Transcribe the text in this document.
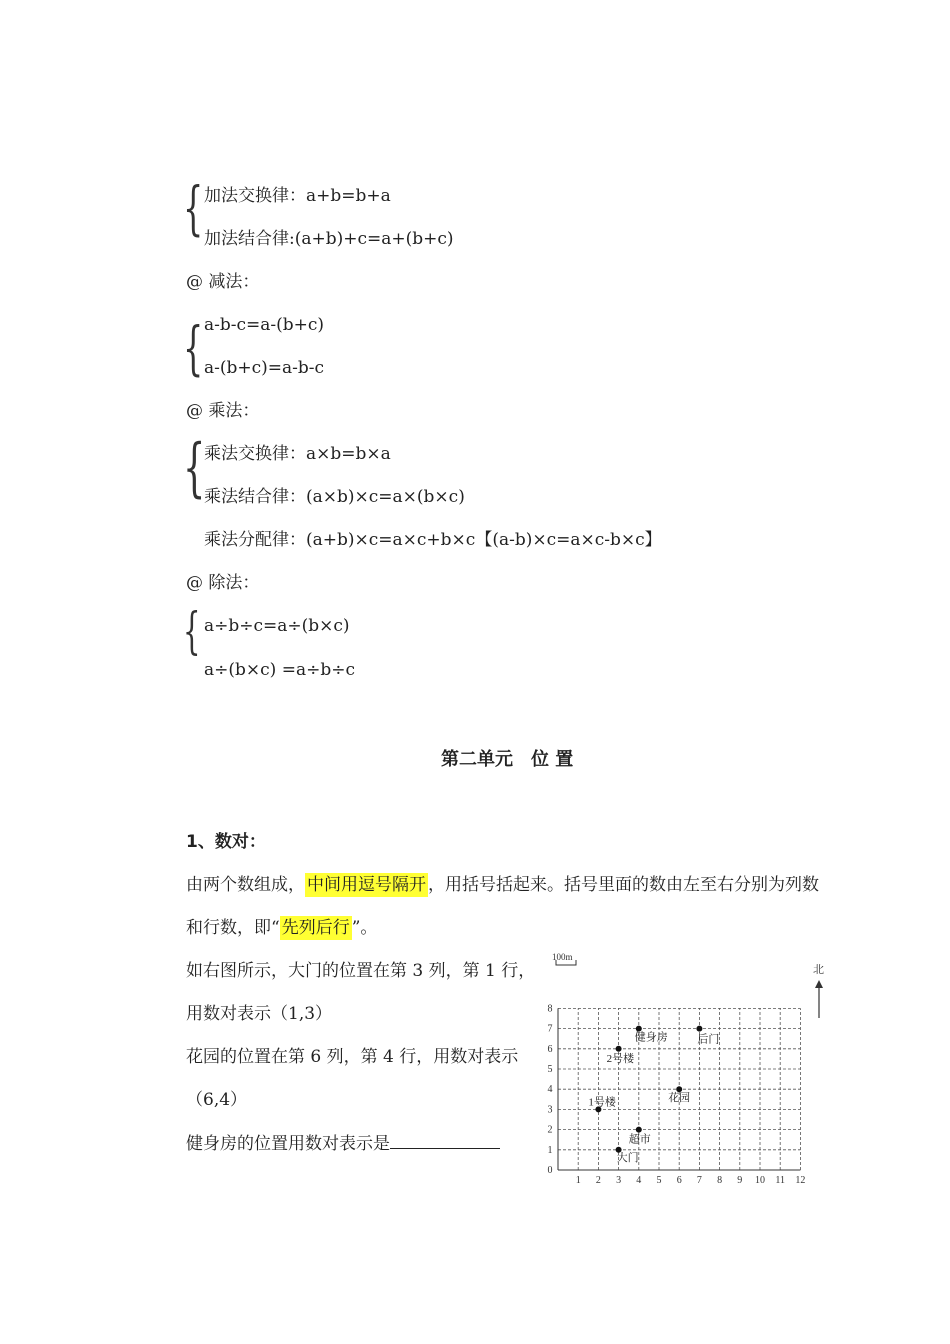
{ 加法交换律：a+b=b+a
加法结合律:(a+b)+c=a+(b+c)
@ 减法：
{ a-b-c=a-(b+c)
a-(b+c)=a-b-c
@ 乘法：
{
乘法交换律：a×b=b×a
乘法结合律：(a×b)×c=a×(b×c)
乘法分配律：(a+b)×c=a×c+b×c【(a-b)×c=a×c-b×c】
@ 除法：
{ a÷b÷c=a÷(b×c)
a÷(b×c) =a÷b÷c
第二单元　位 置
1、数对：
由两个数组成， 中间用逗号隔开 ，用括号括起来。括号里面的数由左至右分别为列数
和行数，即“ 先列后行 ”。
如右图所示，大门的位置在第 3 列，第 1 行，
用数对表示（1,3）
花园的位置在第 6 列，第 4 行，用数对表示
（6,4）
健身房的位置用数对表示是
1 2 3 4 5 6 7 8 9 10 11 12
0
1
2
3
4
5
6
7
8
健身房	后门
2号楼
花园
1号楼
超市
大门
100m
北
